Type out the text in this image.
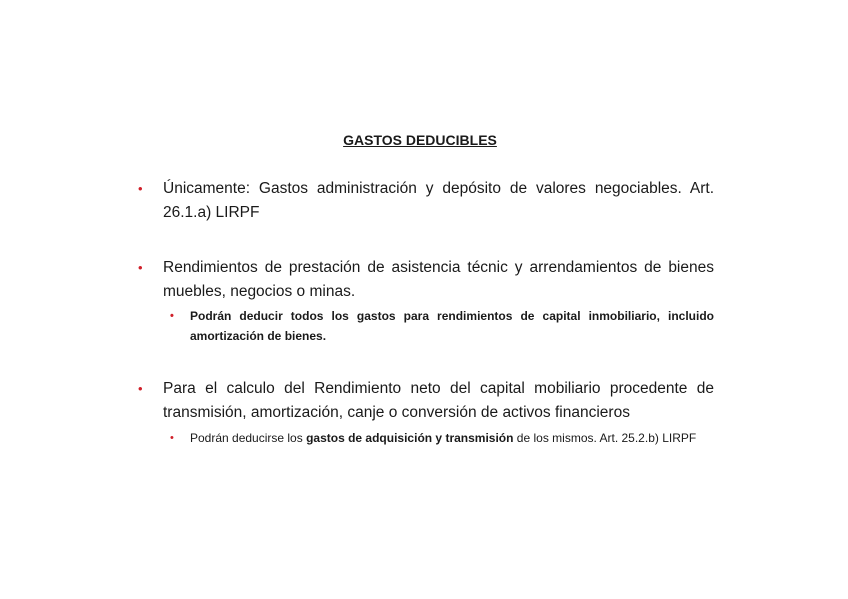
GASTOS DEDUCIBLES
• Únicamente: Gastos administración y depósito de valores negociables. Art. 26.1.a) LIRPF
• Rendimientos de prestación de asistencia técnic y arrendamientos de bienes muebles, negocios o minas.
• Podrán deducir todos los gastos para rendimientos de capital inmobiliario, incluido amortización de bienes.
• Para el calculo del Rendimiento neto del capital mobiliario procedente de transmisión, amortización, canje o conversión de activos financieros
• Podrán deducirse los gastos de adquisición y transmisión de los mismos. Art. 25.2.b) LIRPF
